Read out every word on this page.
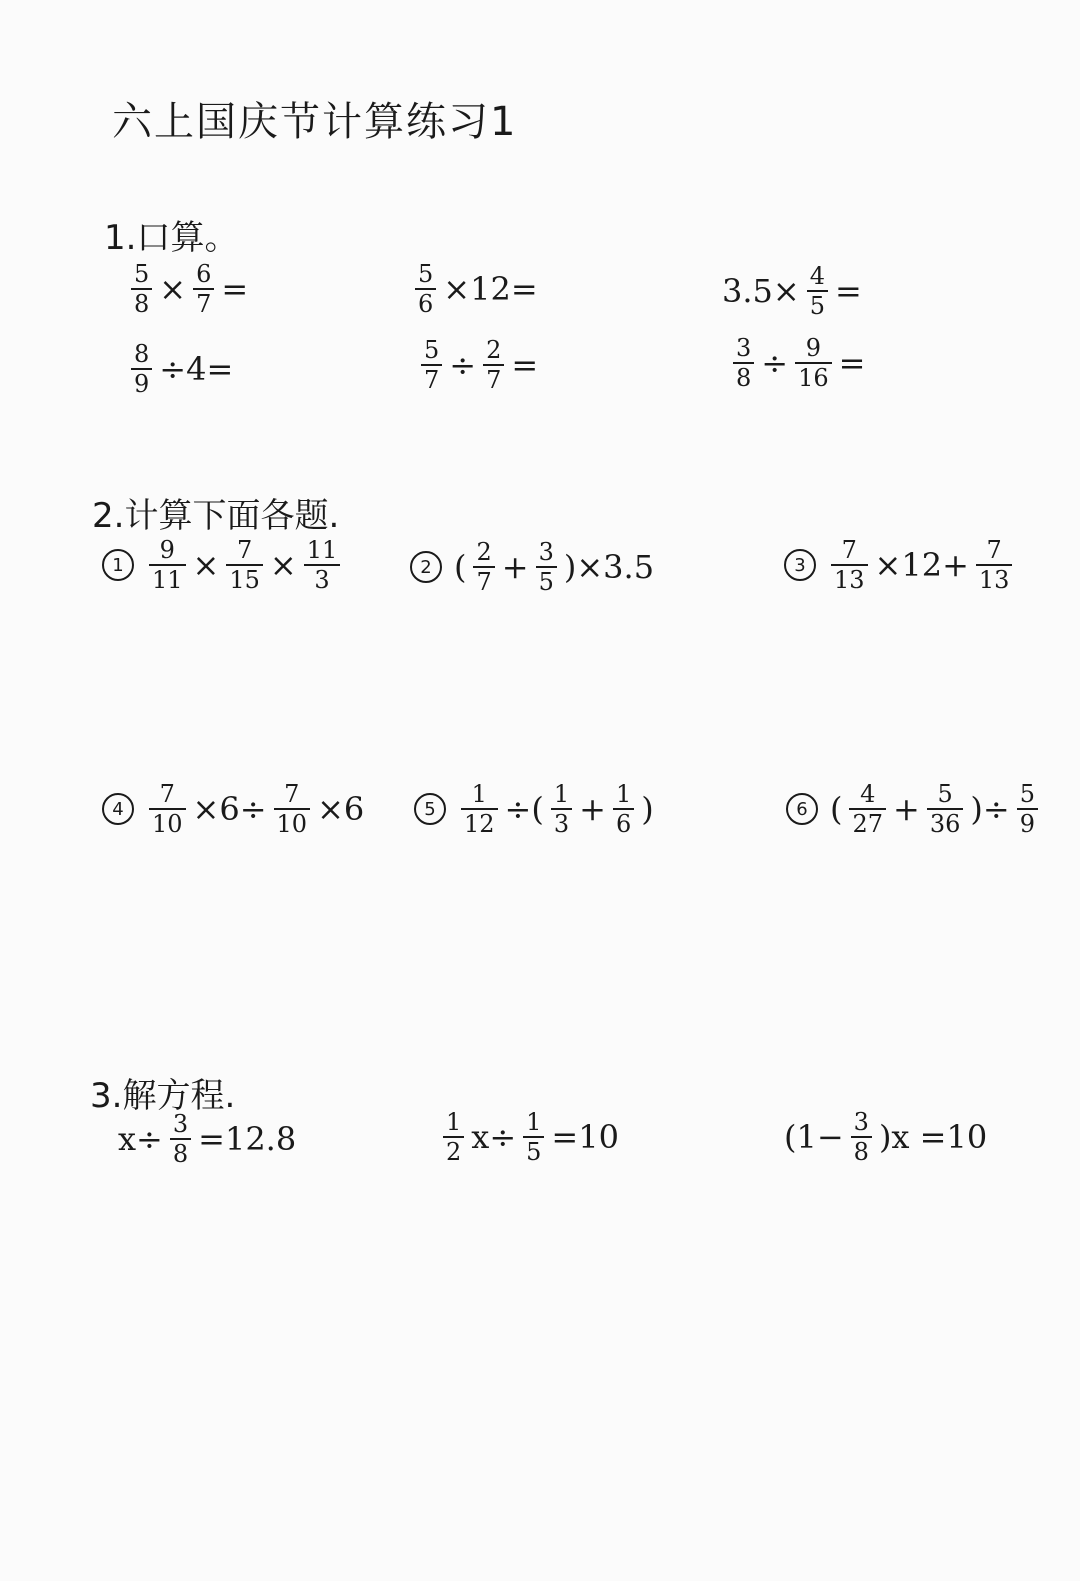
六上国庆节计算练习1
1.口算。
$\frac{5}{8} \times \frac{6}{7}$ =	$\frac{5}{6} \times 12=$	$3.5\times \frac{4}{5}$ =
$\frac{8}{9} \div 4=$	$\frac{5}{7} \div \frac{2}{7}$ =	$\frac{3}{8} \div \frac{9}{16}$ =
2.计算下面各题.
1	$\frac{9}{11} \times \frac{7}{15} \times \frac{11}{3}$	2 ( $\frac{2}{7} + \frac{3}{5} )\times 3.5$	3	$\frac{7}{13} \times 12+ \frac{7}{13}$
4	$\frac{7}{10} \times 6\div \frac{7}{10} \times 6$	5	$\frac{1}{12}$ ÷( $\frac{1}{3} + \frac{1}{6}$ )	6 ( $\frac{4}{27} + \frac{5}{36}$ )÷ $\frac{5}{9}$
3.解方程.
$x\div \frac{3}{8} =12.8$	$\frac{1}{2} x\div \frac{1}{5} =10$	$(1- \frac{3}{8} )x =10$
